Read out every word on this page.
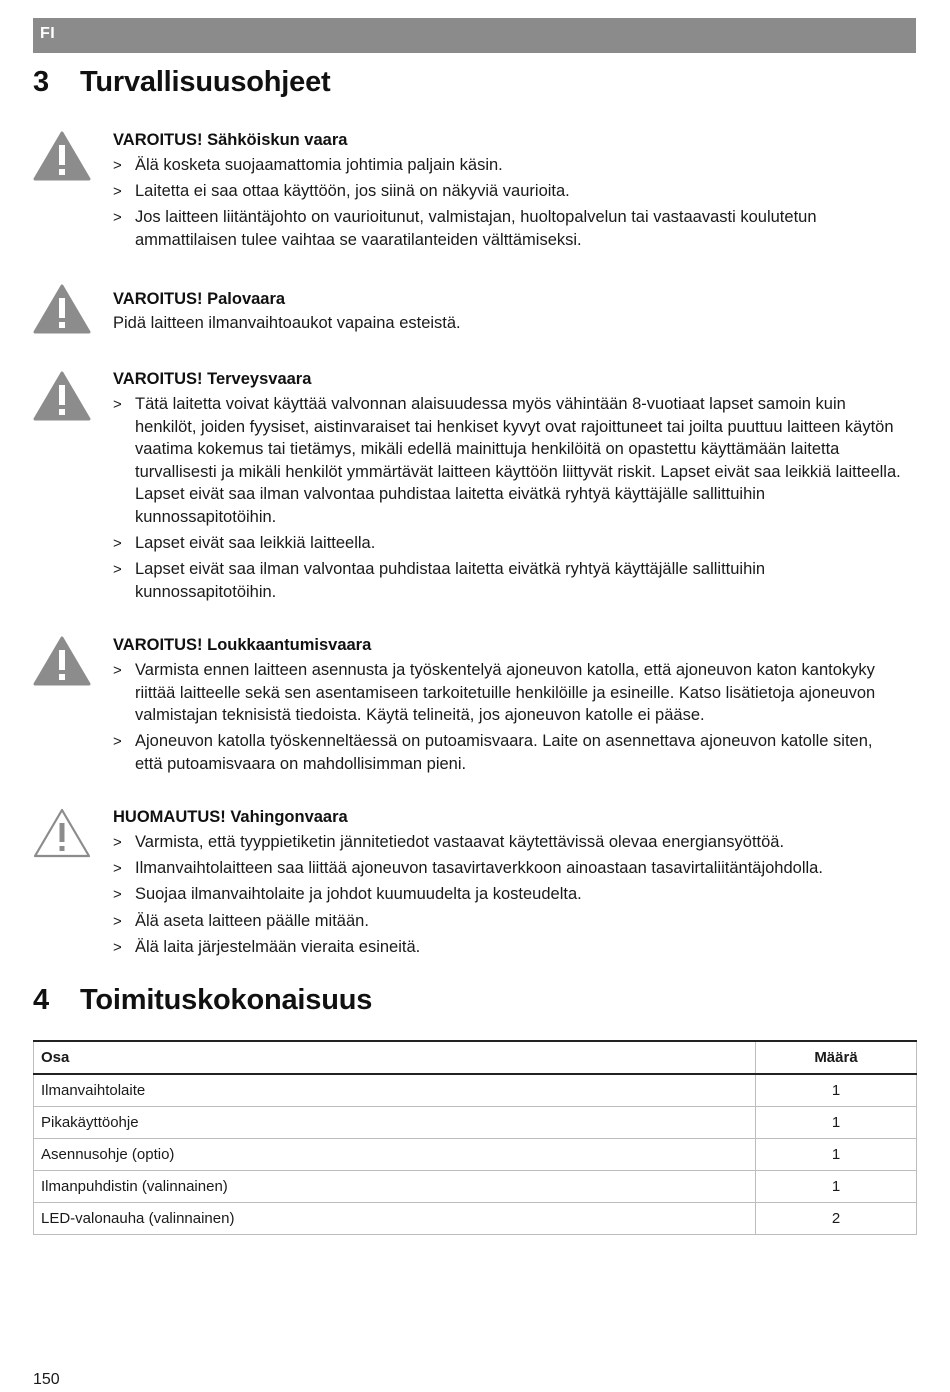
FI
3 Turvallisuusohjeet
VAROITUS! Sähköiskun vaara
> Älä kosketa suojaamattomia johtimia paljain käsin.
> Laitetta ei saa ottaa käyttöön, jos siinä on näkyviä vaurioita.
> Jos laitteen liitäntäjohto on vaurioitunut, valmistajan, huoltopalvelun tai vastaavasti koulutetun ammattilaisen tulee vaihtaa se vaaratilanteiden välttämiseksi.
VAROITUS! Palovaara
Pidä laitteen ilmanvaihtoaukot vapaina esteistä.
VAROITUS! Terveysvaara
> Tätä laitetta voivat käyttää valvonnan alaisuudessa myös vähintään 8-vuotiaat lapset samoin kuin henkilöt, joiden fyysiset, aistinvaraiset tai henkiset kyvyt ovat rajoittuneet tai joilta puuttuu laitteen käytön vaatima kokemus tai tietämys, mikäli edellä mainittuja henkilöitä on opastettu käyttämään laitetta turvallisesti ja mikäli henkilöt ymmärtävät laitteen käyttöön liittyvät riskit. Lapset eivät saa leikkiä laitteella. Lapset eivät saa ilman valvontaa puhdistaa laitetta eivätkä ryhtyä käyttäjälle sallittuihin kunnossapitotöihin.
> Lapset eivät saa leikkiä laitteella.
> Lapset eivät saa ilman valvontaa puhdistaa laitetta eivätkä ryhtyä käyttäjälle sallittuihin kunnossapitotöihin.
VAROITUS! Loukkaantumisvaara
> Varmista ennen laitteen asennusta ja työskentelyä ajoneuvon katolla, että ajoneuvon katon kantokyky riittää laitteelle sekä sen asentamiseen tarkoitetuille henkilöille ja esineille. Katso lisätietoja ajoneuvon valmistajan teknisistä tiedoista. Käytä telineitä, jos ajoneuvon katolle ei pääse.
> Ajoneuvon katolla työskenneltäessä on putoamisvaara. Laite on asennettava ajoneuvon katolle siten, että putoamisvaara on mahdollisimman pieni.
HUOMAUTUS! Vahingonvaara
> Varmista, että tyyppietiketin jännitetiedot vastaavat käytettävissä olevaa energiansyöttöä.
> Ilmanvaihtolaitteen saa liittää ajoneuvon tasavirtaverkkoon ainoastaan tasavirtaliitäntäjohdolla.
> Suojaa ilmanvaihtolaite ja johdot kuumuudelta ja kosteudelta.
> Älä aseta laitteen päälle mitään.
> Älä laita järjestelmään vieraita esineitä.
4 Toimituskokonaisuus
Osa	Määrä
Ilmanvaihtolaite	1
Pikakäyttöohje	1
Asennusohje (optio)	1
Ilmanpuhdistin (valinnainen)	1
LED-valonauha (valinnainen)	2
150
